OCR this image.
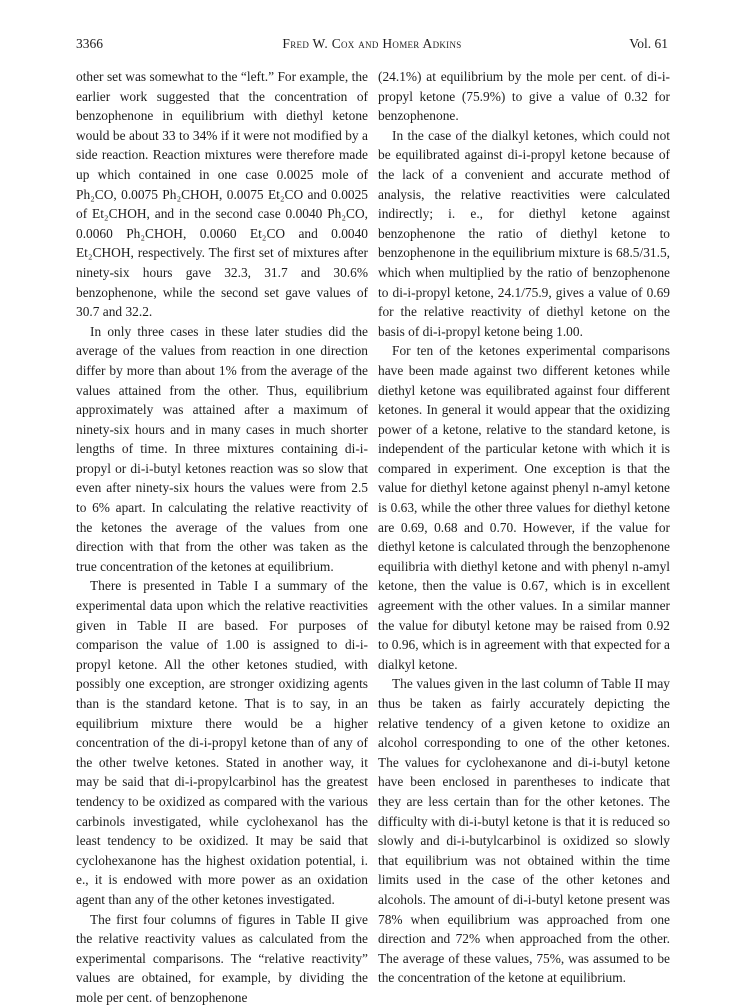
3366	Fred W. Cox and Homer Adkins	Vol. 61

other set was somewhat to the “left.” For example, the earlier work suggested that the concentration of benzophenone in equilibrium with diethyl ketone would be about 33 to 34% if it were not modified by a side reaction. Reaction mixtures were therefore made up which contained in one case 0.0025 mole of Ph₂CO, 0.0075 Ph₂CHOH, 0.0075 Et₂CO and 0.0025 of Et₂CHOH, and in the second case 0.0040 Ph₂CO, 0.0060 Ph₂CHOH, 0.0060 Et₂CO and 0.0040 Et₂CHOH, respectively. The first set of mixtures after ninety-six hours gave 32.3, 31.7 and 30.6% benzophenone, while the second set gave values of 30.7 and 32.2.

In only three cases in these later studies did the average of the values from reaction in one direction differ by more than about 1% from the average of the values attained from the other. Thus, equilibrium approximately was attained after a maximum of ninety-six hours and in many cases in much shorter lengths of time. In three mixtures containing di-i-propyl or di-i-butyl ketones reaction was so slow that even after ninety-six hours the values were from 2.5 to 6% apart. In calculating the relative reactivity of the ketones the average of the values from one direction with that from the other was taken as the true concentration of the ketones at equilibrium.

There is presented in Table I a summary of the experimental data upon which the relative reactivities given in Table II are based. For purposes of comparison the value of 1.00 is assigned to di-i-propyl ketone. All the other ketones studied, with possibly one exception, are stronger oxidizing agents than is the standard ketone. That is to say, in an equilibrium mixture there would be a higher concentration of the di-i-propyl ketone than of any of the other twelve ketones. Stated in another way, it may be said that di-i-propylcarbinol has the greatest tendency to be oxidized as compared with the various carbinols investigated, while cyclohexanol has the least tendency to be oxidized. It may be said that cyclohexanone has the highest oxidation potential, i. e., it is endowed with more power as an oxidation agent than any of the other ketones investigated.

The first four columns of figures in Table II give the relative reactivity values as calculated from the experimental comparisons. The “relative reactivity” values are obtained, for example, by dividing the mole per cent. of benzophenone

(24.1%) at equilibrium by the mole per cent. of di-i-propyl ketone (75.9%) to give a value of 0.32 for benzophenone.

In the case of the dialkyl ketones, which could not be equilibrated against di-i-propyl ketone because of the lack of a convenient and accurate method of analysis, the relative reactivities were calculated indirectly; i. e., for diethyl ketone against benzophenone the ratio of diethyl ketone to benzophenone in the equilibrium mixture is 68.5/31.5, which when multiplied by the ratio of benzophenone to di-i-propyl ketone, 24.1/75.9, gives a value of 0.69 for the relative reactivity of diethyl ketone on the basis of di-i-propyl ketone being 1.00.

For ten of the ketones experimental comparisons have been made against two different ketones while diethyl ketone was equilibrated against four different ketones. In general it would appear that the oxidizing power of a ketone, relative to the standard ketone, is independent of the particular ketone with which it is compared in experiment. One exception is that the value for diethyl ketone against phenyl n-amyl ketone is 0.63, while the other three values for diethyl ketone are 0.69, 0.68 and 0.70. However, if the value for diethyl ketone is calculated through the benzophenone equilibria with diethyl ketone and with phenyl n-amyl ketone, then the value is 0.67, which is in excellent agreement with the other values. In a similar manner the value for dibutyl ketone may be raised from 0.92 to 0.96, which is in agreement with that expected for a dialkyl ketone.

The values given in the last column of Table II may thus be taken as fairly accurately depicting the relative tendency of a given ketone to oxidize an alcohol corresponding to one of the other ketones. The values for cyclohexanone and di-i-butyl ketone have been enclosed in parentheses to indicate that they are less certain than for the other ketones. The difficulty with di-i-butyl ketone is that it is reduced so slowly and di-i-butylcarbinol is oxidized so slowly that equilibrium was not obtained within the time limits used in the case of the other ketones and alcohols. The amount of di-i-butyl ketone present was 78% when equilibrium was approached from one direction and 72% when approached from the other. The average of these values, 75%, was assumed to be the concentration of the ketone at equilibrium.
